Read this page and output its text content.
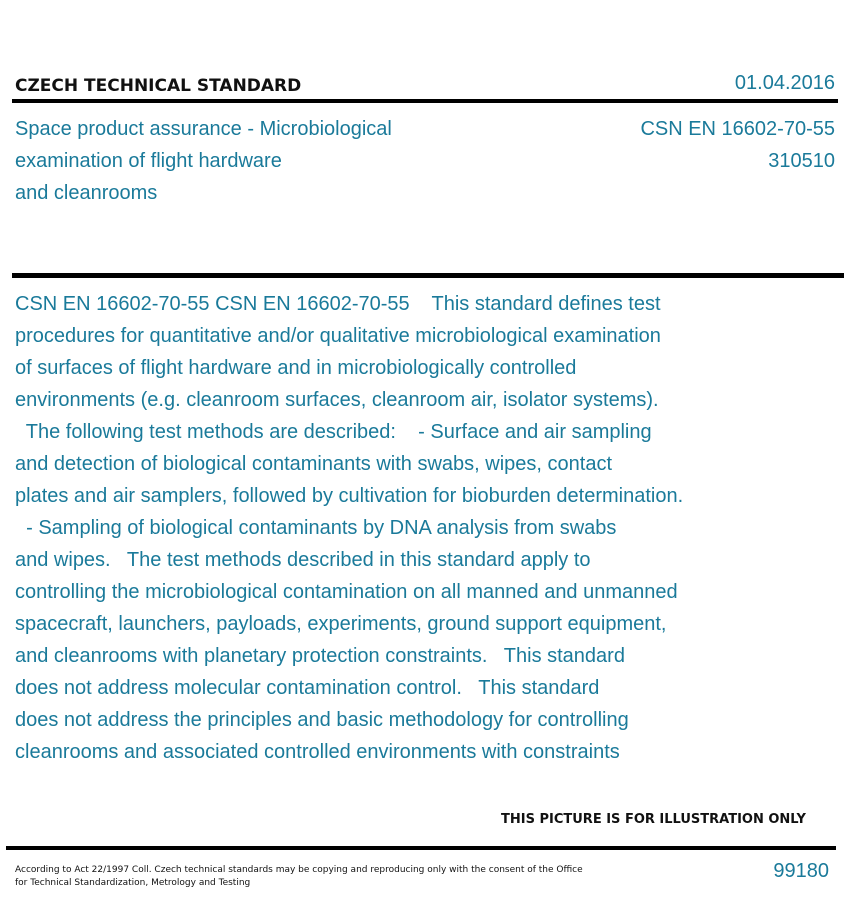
CZECH TECHNICAL STANDARD	01.04.2016
Space product assurance - Microbiological
examination of flight hardware
and cleanrooms
CSN EN 16602-70-55
310510
CSN EN 16602-70-55 CSN EN 16602-70-55    This standard defines test
procedures for quantitative and/or qualitative microbiological examination
of surfaces of flight hardware and in microbiologically controlled
environments (e.g. cleanroom surfaces, cleanroom air, isolator systems).
The following test methods are described:    - Surface and air sampling
and detection of biological contaminants with swabs, wipes, contact
plates and air samplers, followed by cultivation for bioburden determination.
- Sampling of biological contaminants by DNA analysis from swabs
and wipes.   The test methods described in this standard apply to
controlling the microbiological contamination on all manned and unmanned
spacecraft, launchers, payloads, experiments, ground support equipment,
and cleanrooms with planetary protection constraints.   This standard
does not address molecular contamination control.   This standard
does not address the principles and basic methodology for controlling
cleanrooms and associated controlled environments with constraints
THIS PICTURE IS FOR ILLUSTRATION ONLY
According to Act 22/1997 Coll. Czech technical standards may be copying and reproducing only with the consent of the Office
for Technical Standardization, Metrology and Testing
99180
